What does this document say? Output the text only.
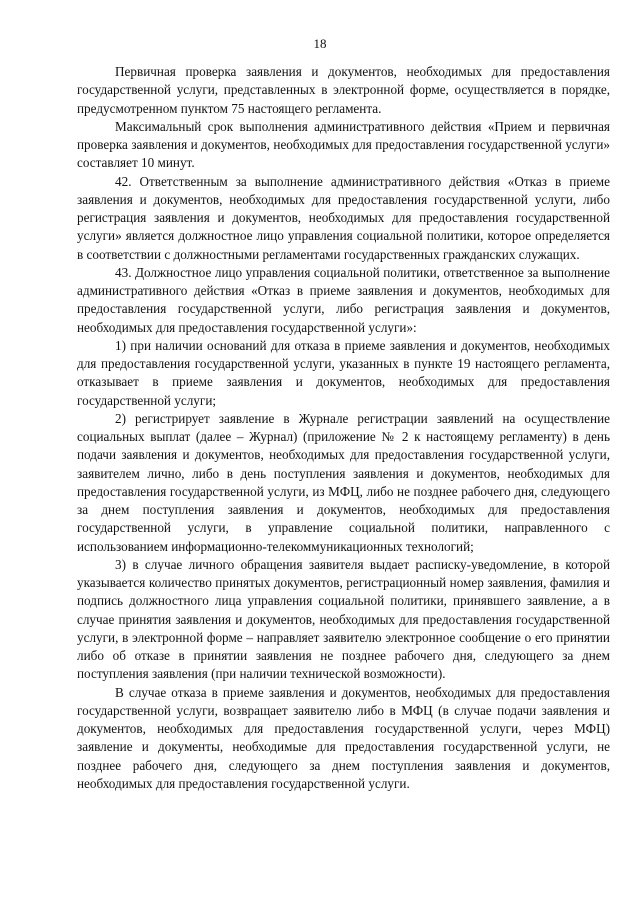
18

Первичная проверка заявления и документов, необходимых для предоставления государственной услуги, представленных в электронной форме, осуществляется в порядке, предусмотренном пунктом 75 настоящего регламента.

Максимальный срок выполнения административного действия «Прием и первичная проверка заявления и документов, необходимых для предоставления государственной услуги» составляет 10 минут.

42. Ответственным за выполнение административного действия «Отказ в приеме заявления и документов, необходимых для предоставления государственной услуги, либо регистрация заявления и документов, необходимых для предоставления государственной услуги» является должностное лицо управления социальной политики, которое определяется в соответствии с должностными регламентами государственных гражданских служащих.

43. Должностное лицо управления социальной политики, ответственное за выполнение административного действия «Отказ в приеме заявления и документов, необходимых для предоставления государственной услуги, либо регистрация заявления и документов, необходимых для предоставления государственной услуги»:

1) при наличии оснований для отказа в приеме заявления и документов, необходимых для предоставления государственной услуги, указанных в пункте 19 настоящего регламента, отказывает в приеме заявления и документов, необходимых для предоставления государственной услуги;

2) регистрирует заявление в Журнале регистрации заявлений на осуществление социальных выплат (далее – Журнал) (приложение № 2 к настоящему регламенту) в день подачи заявления и документов, необходимых для предоставления государственной услуги, заявителем лично, либо в день поступления заявления и документов, необходимых для предоставления государственной услуги, из МФЦ, либо не позднее рабочего дня, следующего за днем поступления заявления и документов, необходимых для предоставления государственной услуги, в управление социальной политики, направленного с использованием информационно-телекоммуникационных технологий;

3) в случае личного обращения заявителя выдает расписку-уведомление, в которой указывается количество принятых документов, регистрационный номер заявления, фамилия и подпись должностного лица управления социальной политики, принявшего заявление, а в случае принятия заявления и документов, необходимых для предоставления государственной услуги, в электронной форме – направляет заявителю электронное сообщение о его принятии либо об отказе в принятии заявления не позднее рабочего дня, следующего за днем поступления заявления (при наличии технической возможности).

В случае отказа в приеме заявления и документов, необходимых для предоставления государственной услуги, возвращает заявителю либо в МФЦ (в случае подачи заявления и документов, необходимых для предоставления государственной услуги, через МФЦ) заявление и документы, необходимые для предоставления государственной услуги, не позднее рабочего дня, следующего за днем поступления заявления и документов, необходимых для предоставления государственной услуги.
